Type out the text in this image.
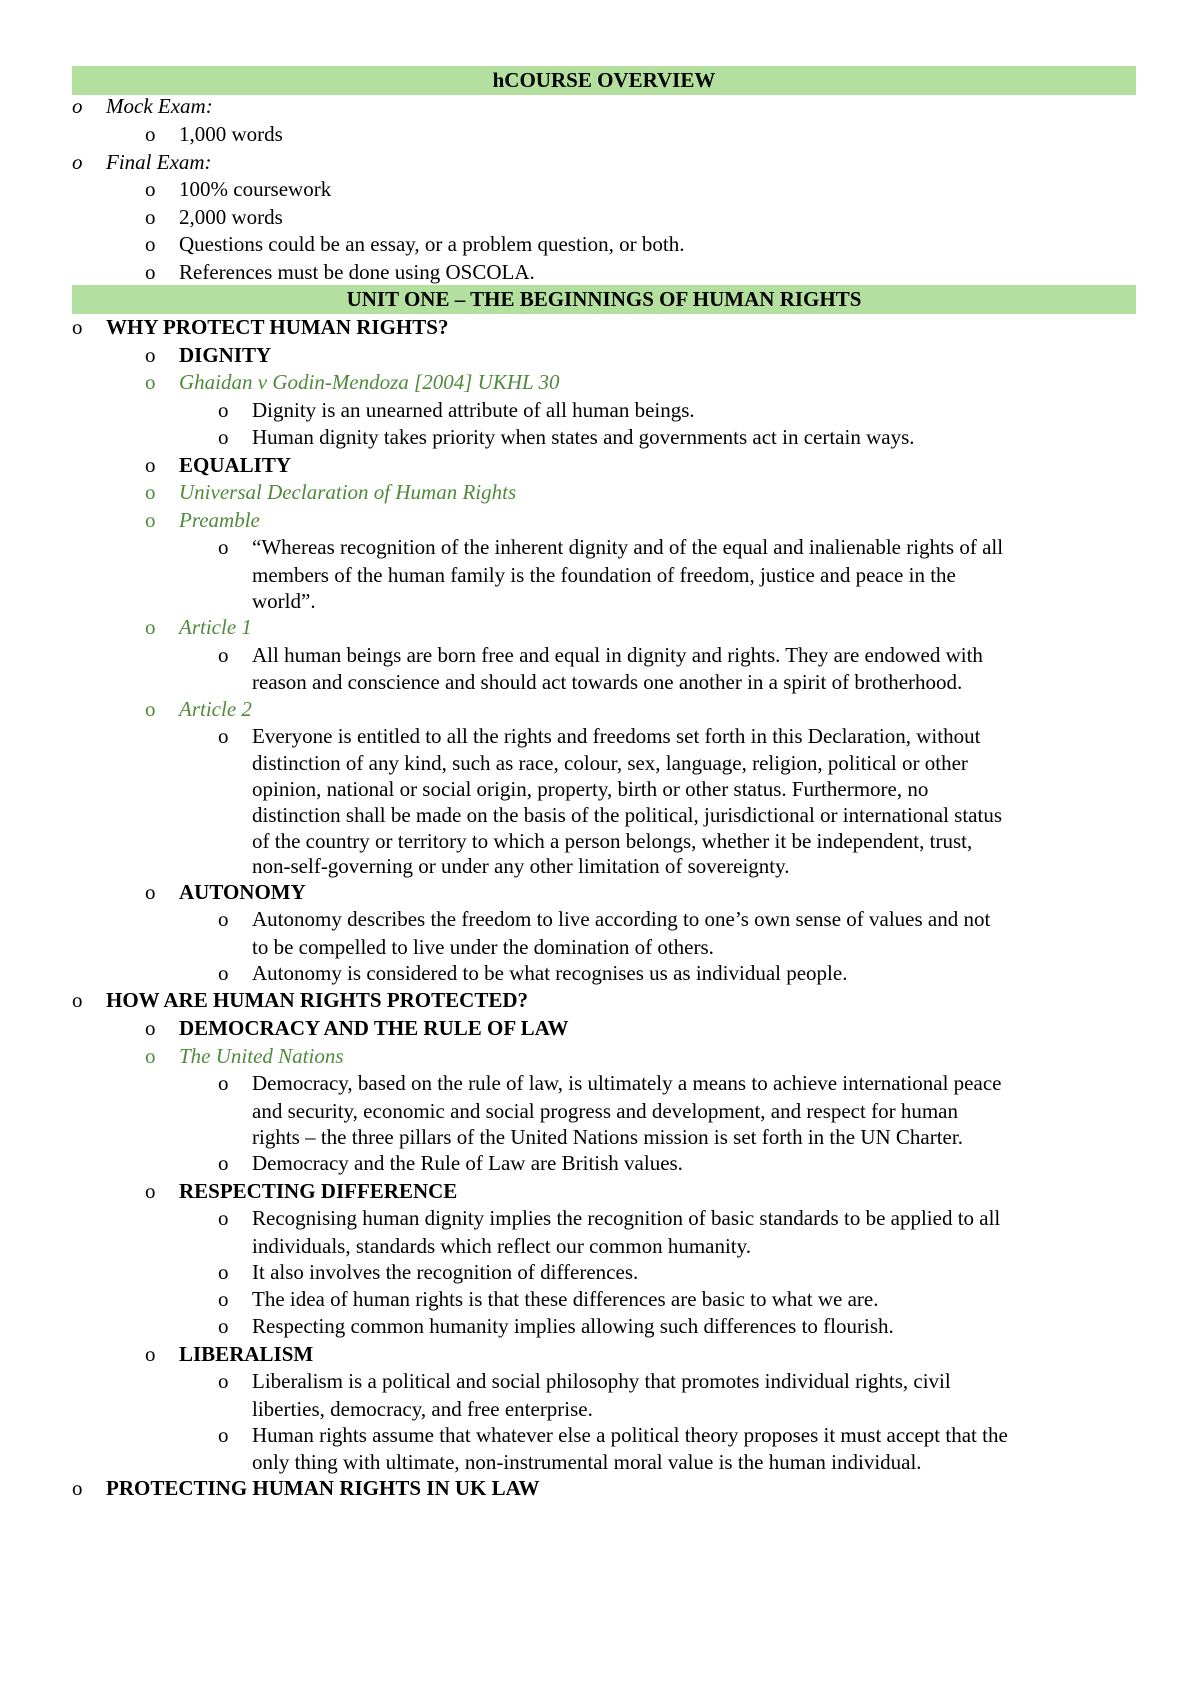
hCOURSE OVERVIEW
o Mock Exam:
o 1,000 words
o Final Exam:
o 100% coursework
o 2,000 words
o Questions could be an essay, or a problem question, or both.
o References must be done using OSCOLA.
UNIT ONE – THE BEGINNINGS OF HUMAN RIGHTS
o WHY PROTECT HUMAN RIGHTS?
o DIGNITY
o Ghaidan v Godin-Mendoza [2004] UKHL 30
o Dignity is an unearned attribute of all human beings.
o Human dignity takes priority when states and governments act in certain ways.
o EQUALITY
o Universal Declaration of Human Rights
o Preamble
o “Whereas recognition of the inherent dignity and of the equal and inalienable rights of all
members of the human family is the foundation of freedom, justice and peace in the
world”.
o Article 1
o All human beings are born free and equal in dignity and rights. They are endowed with
reason and conscience and should act towards one another in a spirit of brotherhood.
o Article 2
o Everyone is entitled to all the rights and freedoms set forth in this Declaration, without
distinction of any kind, such as race, colour, sex, language, religion, political or other
opinion, national or social origin, property, birth or other status. Furthermore, no
distinction shall be made on the basis of the political, jurisdictional or international status
of the country or territory to which a person belongs, whether it be independent, trust,
non-self-governing or under any other limitation of sovereignty.
o AUTONOMY
o Autonomy describes the freedom to live according to one’s own sense of values and not
to be compelled to live under the domination of others.
o Autonomy is considered to be what recognises us as individual people.
o HOW ARE HUMAN RIGHTS PROTECTED?
o DEMOCRACY AND THE RULE OF LAW
o The United Nations
o Democracy, based on the rule of law, is ultimately a means to achieve international peace
and security, economic and social progress and development, and respect for human
rights – the three pillars of the United Nations mission is set forth in the UN Charter.
o Democracy and the Rule of Law are British values.
o RESPECTING DIFFERENCE
o Recognising human dignity implies the recognition of basic standards to be applied to all
individuals, standards which reflect our common humanity.
o It also involves the recognition of differences.
o The idea of human rights is that these differences are basic to what we are.
o Respecting common humanity implies allowing such differences to flourish.
o LIBERALISM
o Liberalism is a political and social philosophy that promotes individual rights, civil
liberties, democracy, and free enterprise.
o Human rights assume that whatever else a political theory proposes it must accept that the
only thing with ultimate, non-instrumental moral value is the human individual.
o PROTECTING HUMAN RIGHTS IN UK LAW
